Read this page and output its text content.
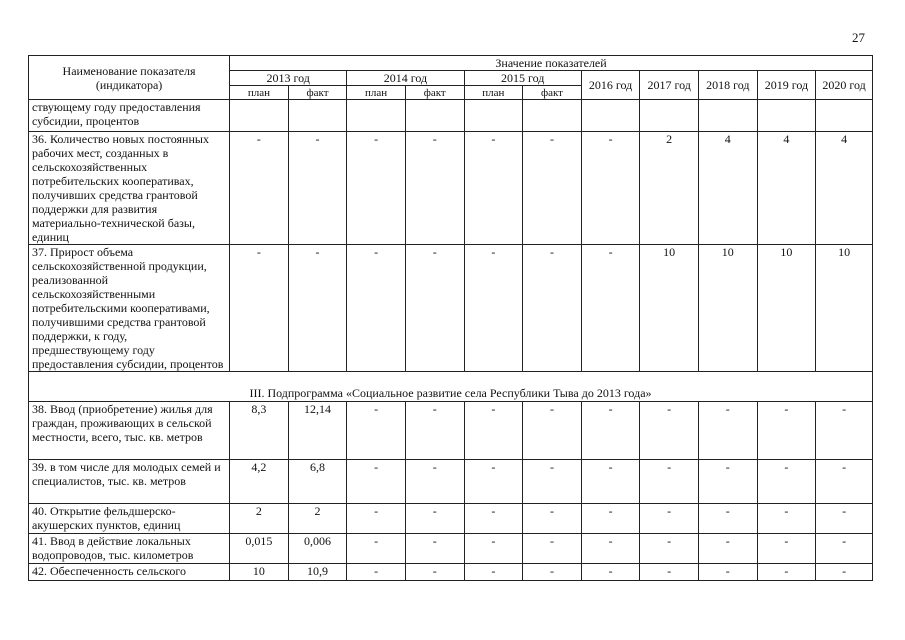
27
Наименование показателя (индикатора)	Значение показателей										
	2013 год		2014 год		2015 год		2016 год	2017 год	2018 год	2019 год	2020 год
	план	факт	план	факт	план	факт					
ствующему году предоставления субсидии, процентов											
36. Количество новых постоянных рабочих мест, созданных в сельскохозяйственных потребительских кооперативах, получивших средства грантовой поддержки для развития материально-технической базы, единиц	-	-	-	-	-	-	-	2	4	4	4
37. Прирост объема сельскохозяйственной продукции, реализованной сельскохозяйственными потребительскими кооперативами, получившими средства грантовой поддержки, к году, предшествующему году предоставления субсидии, процентов	-	-	-	-	-	-	-	10	10	10	10
III. Подпрограмма «Социальное развитие села Республики Тыва до 2013 года»											
38. Ввод (приобретение) жилья для граждан, проживающих в сельской местности, всего, тыс. кв. метров	8,3	12,14	-	-	-	-	-	-	-	-	-
39. в том числе для молодых семей и специалистов, тыс. кв. метров	4,2	6,8	-	-	-	-	-	-	-	-	-
40. Открытие фельдшерско-акушерских пунктов, единиц	2	2	-	-	-	-	-	-	-	-	-
41. Ввод в действие локальных водопроводов, тыс. километров	0,015	0,006	-	-	-	-	-	-	-	-	-
42. Обеспеченность сельского	10	10,9	-	-	-	-	-	-	-	-	-
